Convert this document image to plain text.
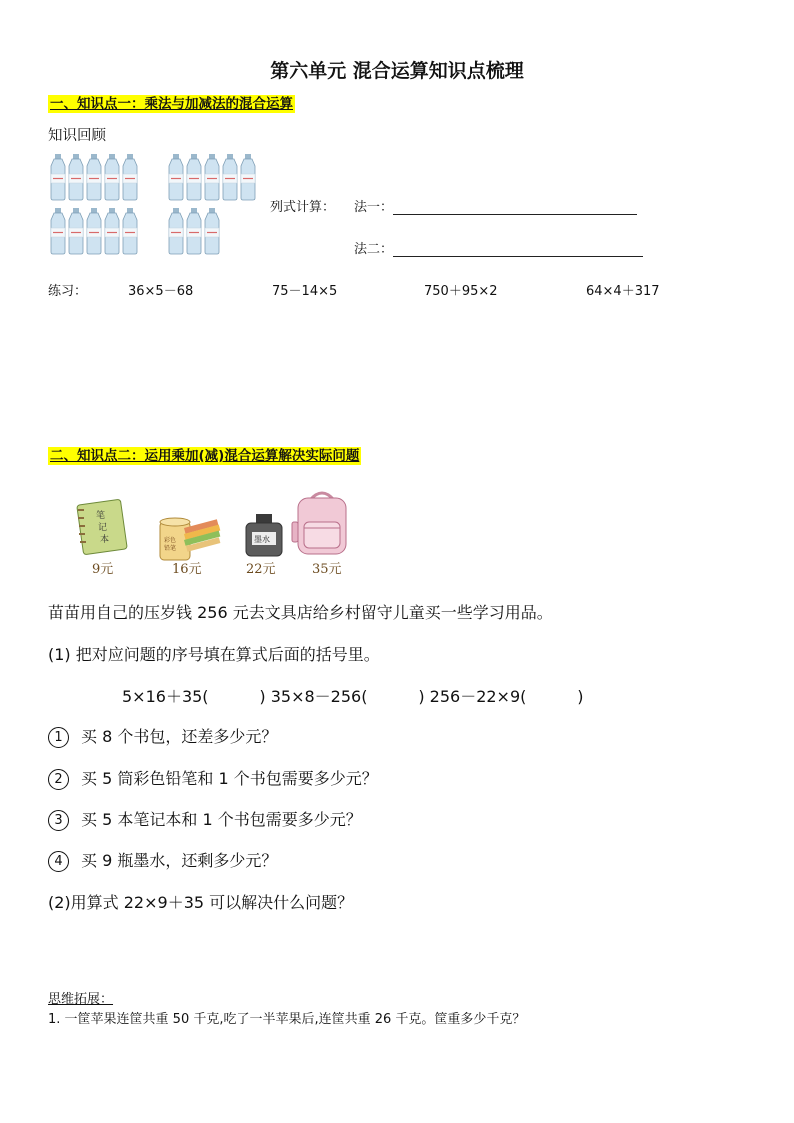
第六单元 混合运算知识点梳理
一、知识点一：乘法与加减法的混合运算
知识回顾
列式计算： 法一：
法二：
练习：	36×5－68	75－14×5	750＋95×2	64×4＋317
二、知识点二：运用乘加(减)混合运算解决实际问题
笔
记
本
9元
彩色
铅笔
16元
墨水
22元	35元
苗苗用自己的压岁钱 256 元去文具店给乡村留守儿童买一些学习用品。
(1) 把对应问题的序号填在算式后面的括号里。
5×16＋35(          ) 35×8－256(          ) 256－22×9(          )
1 买 8 个书包，还差多少元？
2 买 5 筒彩色铅笔和 1 个书包需要多少元？
3 买 5 本笔记本和 1 个书包需要多少元？
4 买 9 瓶墨水，还剩多少元？
(2)用算式 22×9＋35 可以解决什么问题？
思维拓展：
1. 一筐苹果连筐共重 50 千克,吃了一半苹果后,连筐共重 26 千克。筐重多少千克？
